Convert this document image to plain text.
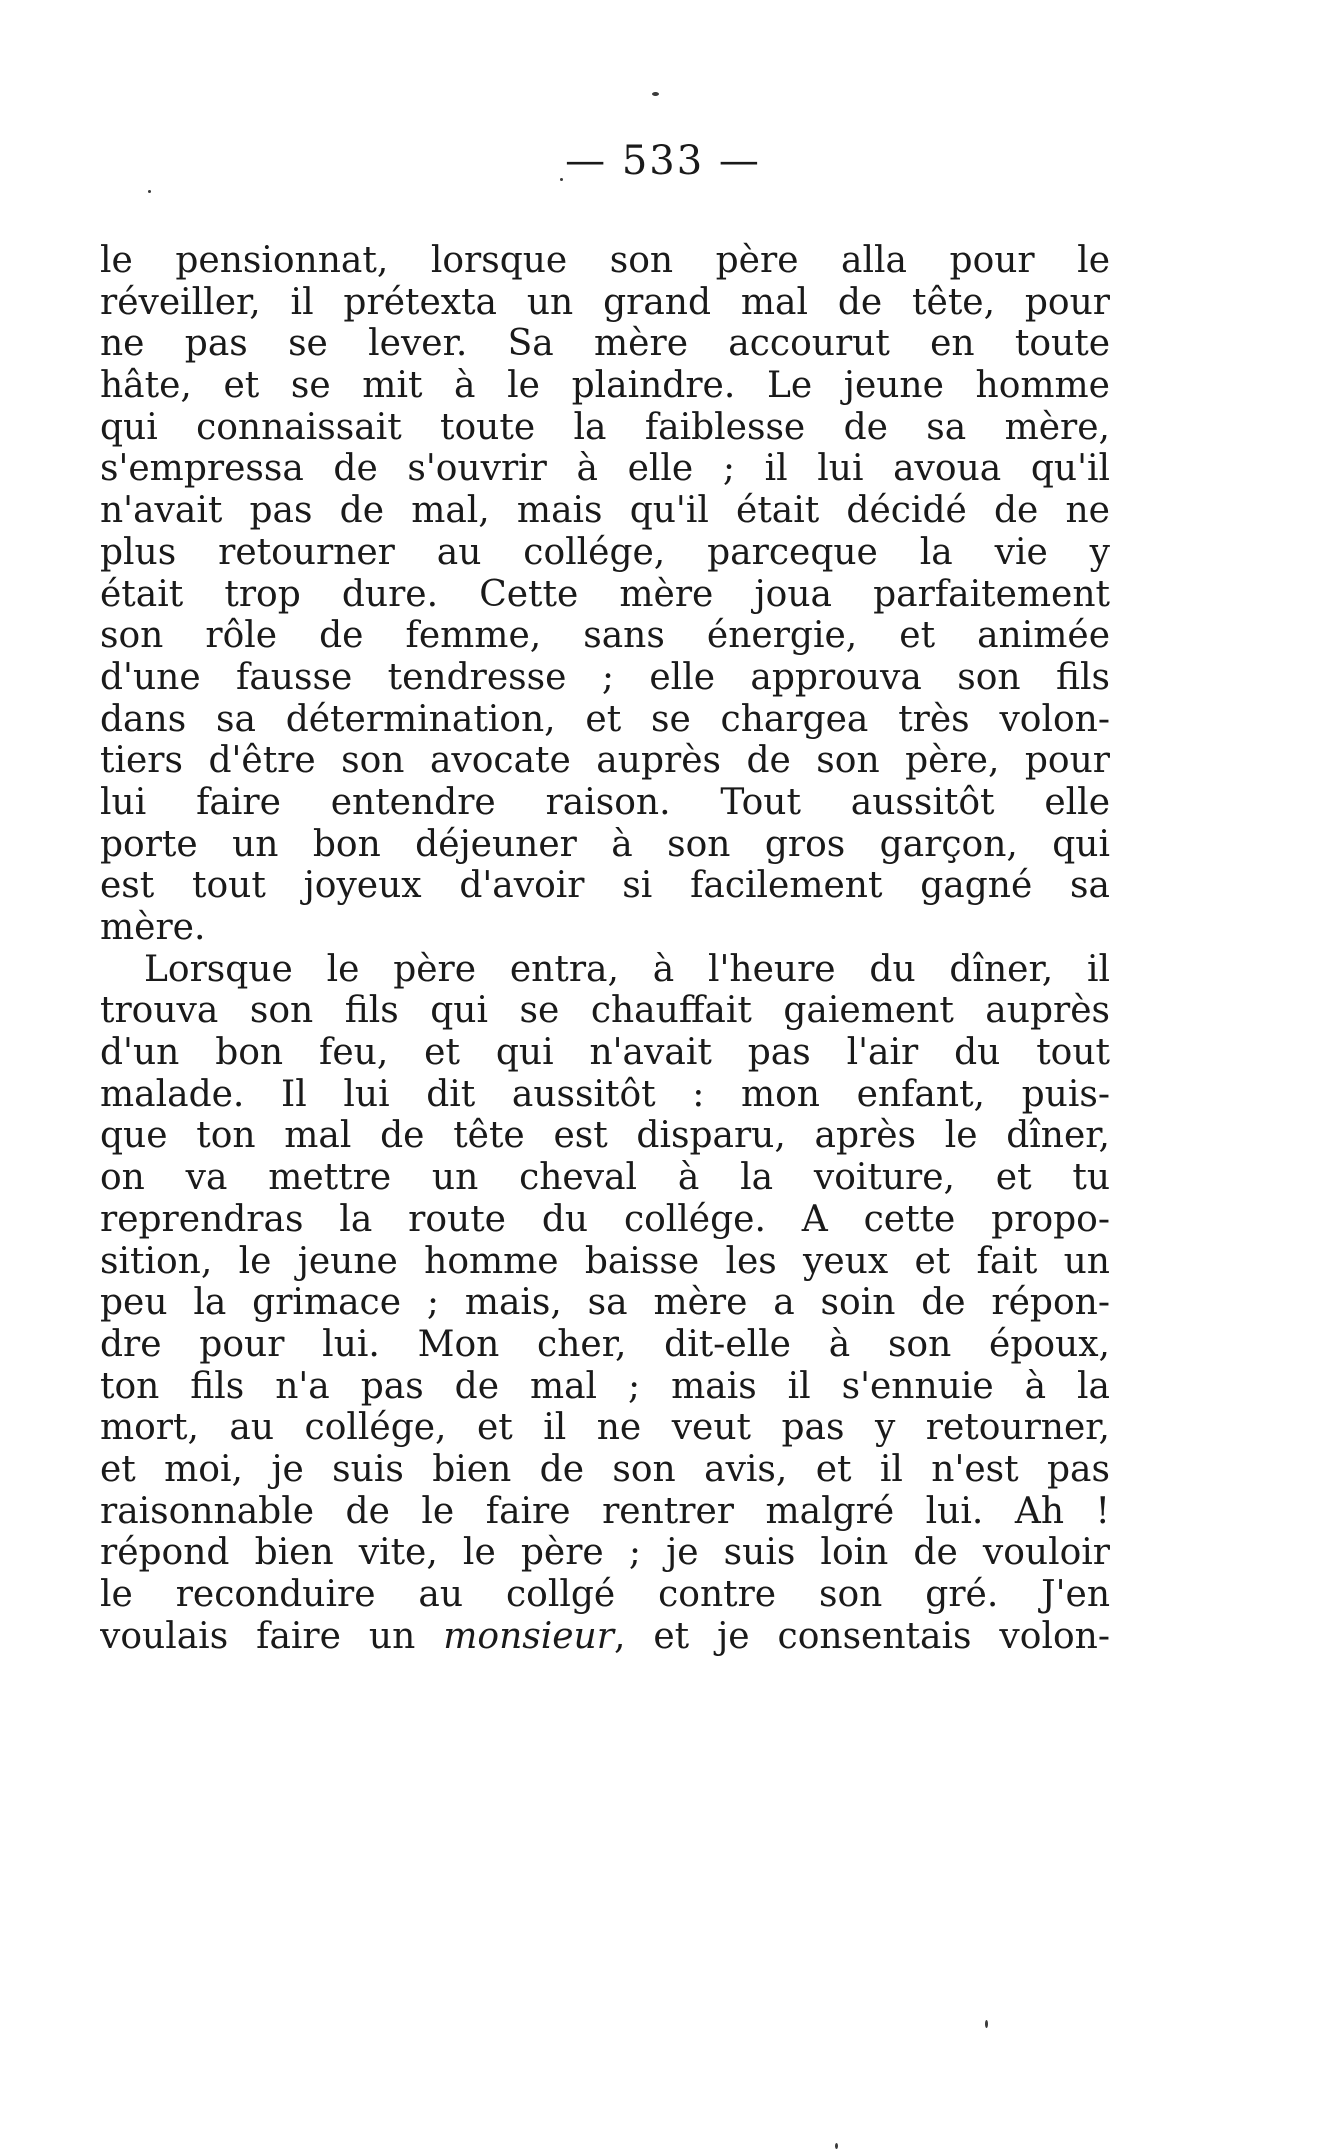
— 533 —
le pensionnat, lorsque son père alla pour le
réveiller, il prétexta un grand mal de tête, pour
ne pas se lever. Sa mère accourut en toute
hâte, et se mit à le plaindre. Le jeune homme
qui connaissait toute la faiblesse de sa mère,
s'empressa de s'ouvrir à elle ; il lui avoua qu'il
n'avait pas de mal, mais qu'il était décidé de ne
plus retourner au collége, parceque la vie y
était trop dure. Cette mère joua parfaitement
son rôle de femme, sans énergie, et animée
d'une fausse tendresse ; elle approuva son fils
dans sa détermination, et se chargea très volon-
tiers d'être son avocate auprès de son père, pour
lui faire entendre raison. Tout aussitôt elle
porte un bon déjeuner à son gros garçon, qui
est tout joyeux d'avoir si facilement gagné sa
mère.
Lorsque le père entra, à l'heure du dîner, il
trouva son fils qui se chauffait gaiement auprès
d'un bon feu, et qui n'avait pas l'air du tout
malade. Il lui dit aussitôt : mon enfant, puis-
que ton mal de tête est disparu, après le dîner,
on va mettre un cheval à la voiture, et tu
reprendras la route du collége. A cette propo-
sition, le jeune homme baisse les yeux et fait un
peu la grimace ; mais, sa mère a soin de répon-
dre pour lui. Mon cher, dit-elle à son époux,
ton fils n'a pas de mal ; mais il s'ennuie à la
mort, au collége, et il ne veut pas y retourner,
et moi, je suis bien de son avis, et il n'est pas
raisonnable de le faire rentrer malgré lui. Ah !
répond bien vite, le père ; je suis loin de vouloir
le reconduire au collgé contre son gré. J'en
voulais faire un monsieur, et je consentais volon-
